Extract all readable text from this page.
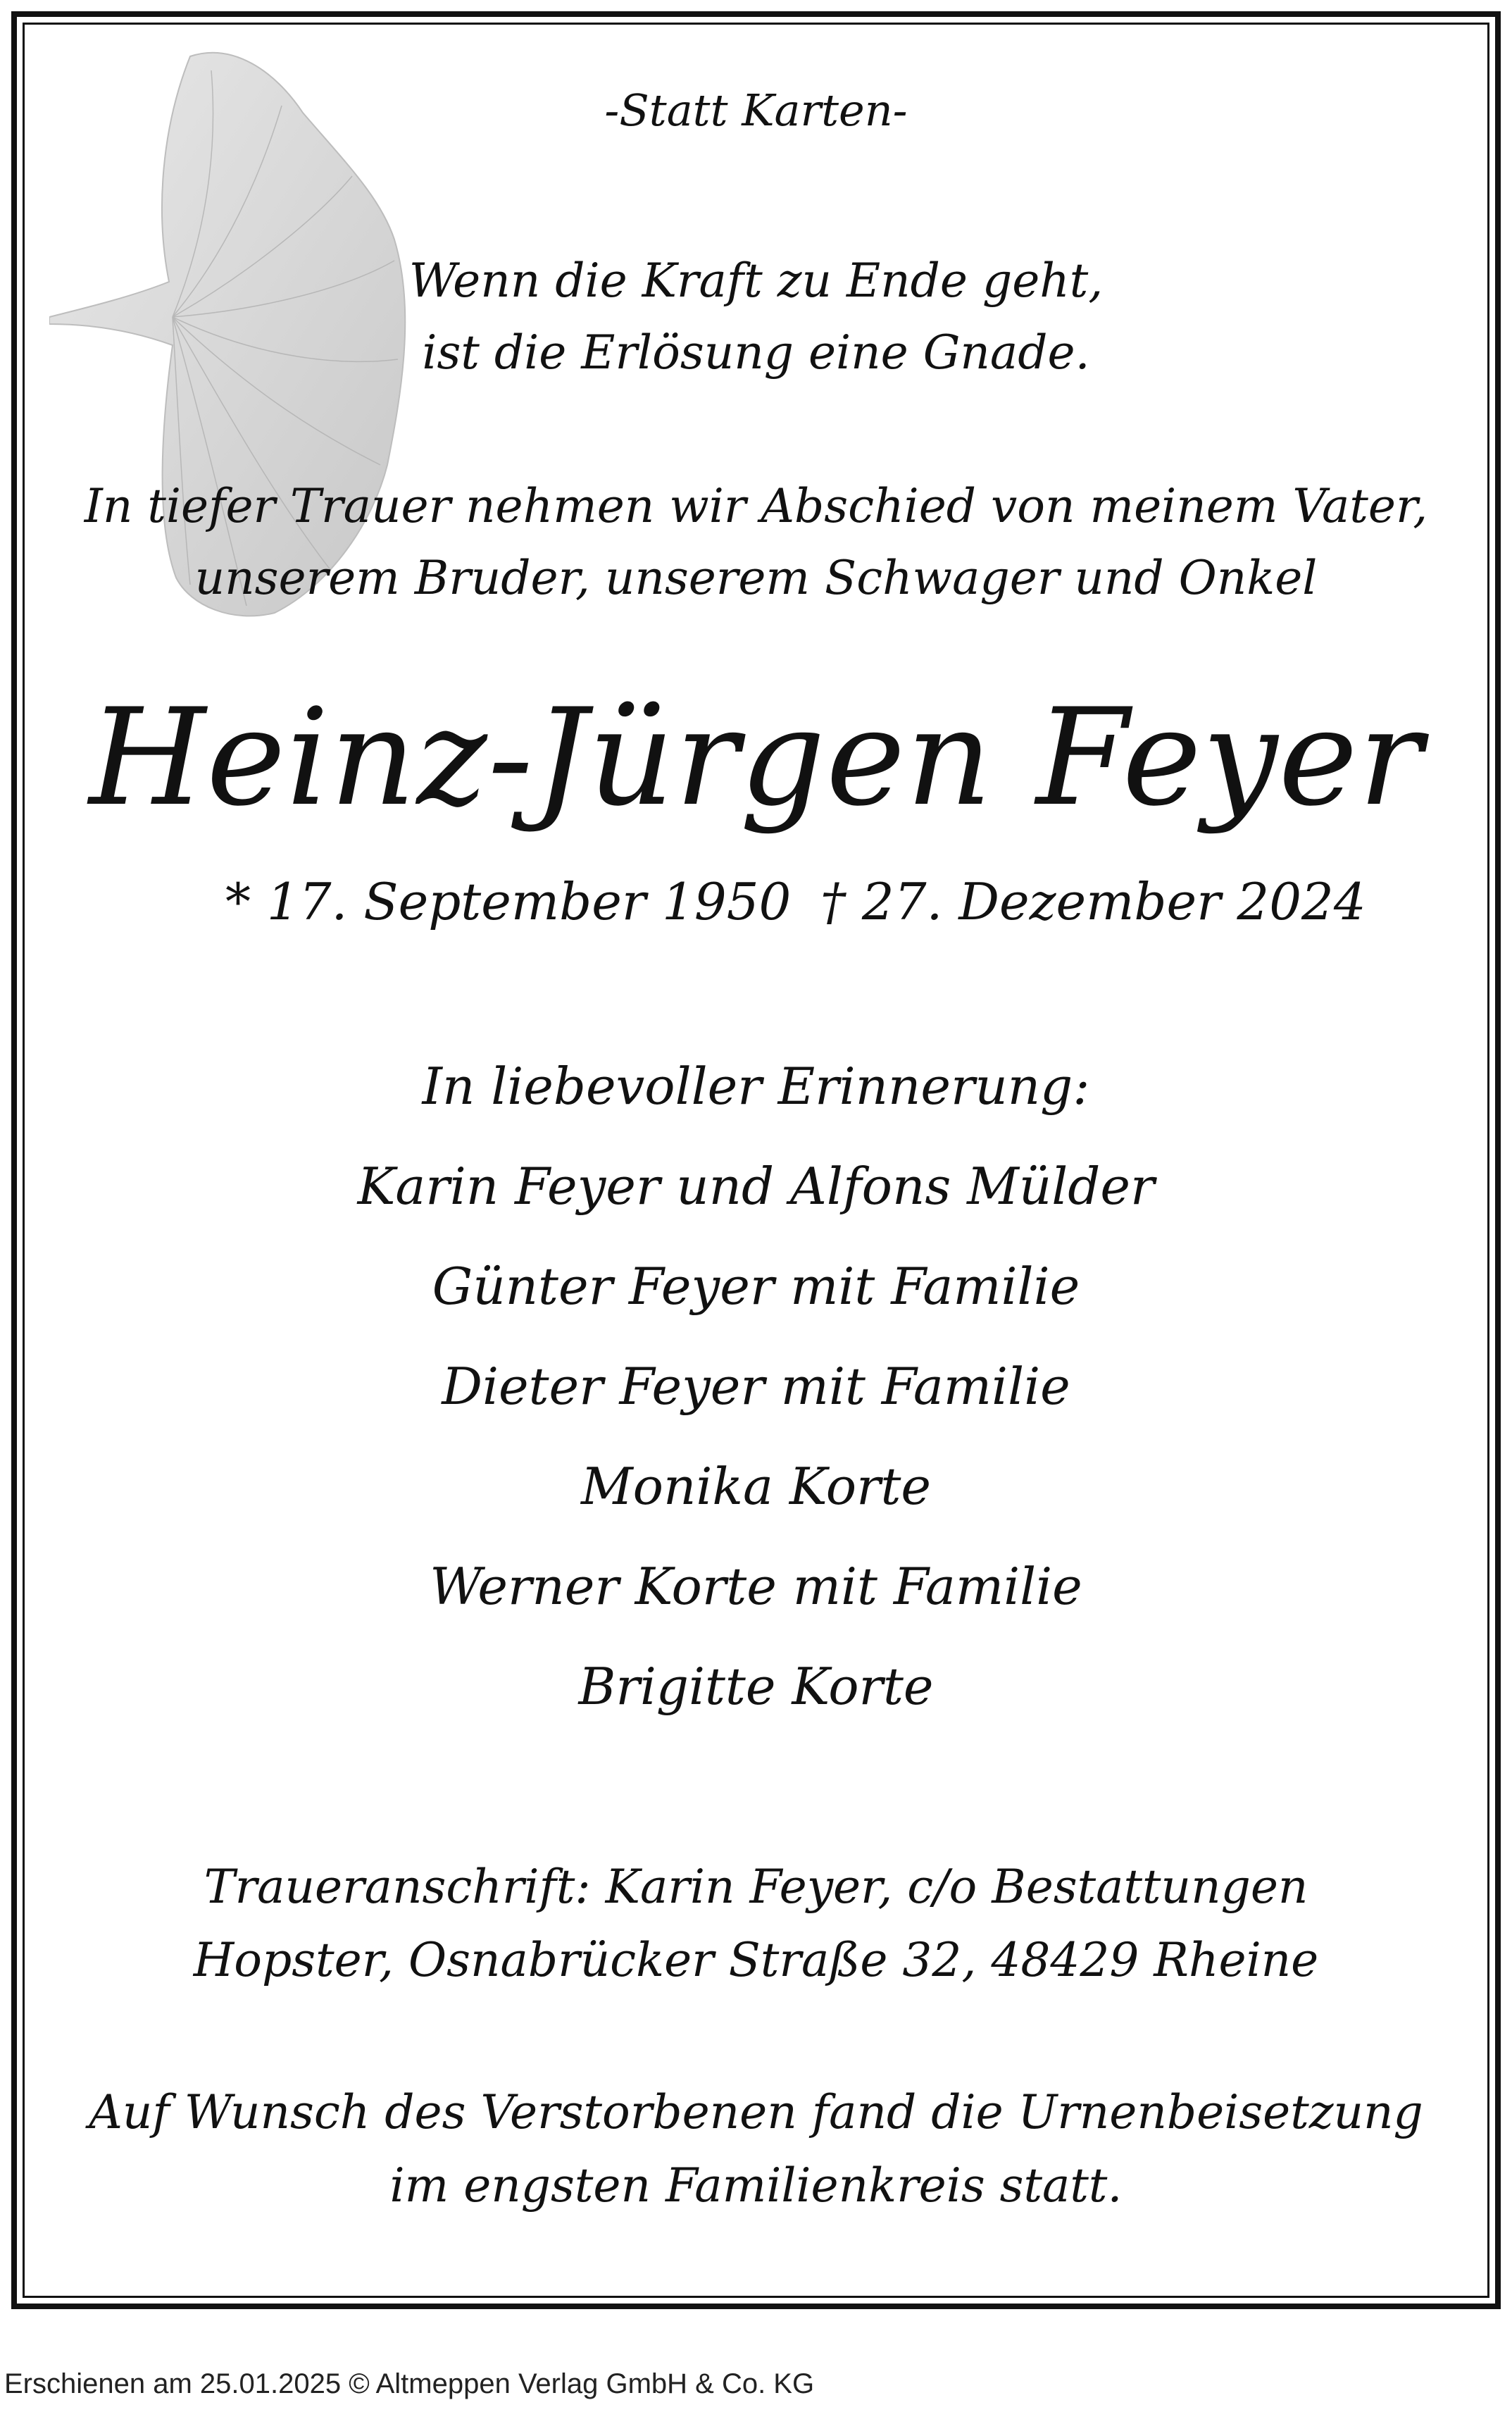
-Statt Karten-
Wenn die Kraft zu Ende geht,
ist die Erlösung eine Gnade.
In tiefer Trauer nehmen wir Abschied von meinem Vater,
unserem Bruder, unserem Schwager und Onkel
Heinz-Jürgen Feyer
* 17. September 1950 † 27. Dezember 2024
In liebevoller Erinnerung:
Karin Feyer und Alfons Mülder
Günter Feyer mit Familie
Dieter Feyer mit Familie
Monika Korte
Werner Korte mit Familie
Brigitte Korte
Traueranschrift: Karin Feyer, c/o Bestattungen
Hopster, Osnabrücker Straße 32, 48429 Rheine
Auf Wunsch des Verstorbenen fand die Urnenbeisetzung
im engsten Familienkreis statt.
Erschienen am 25.01.2025 © Altmeppen Verlag GmbH & Co. KG
